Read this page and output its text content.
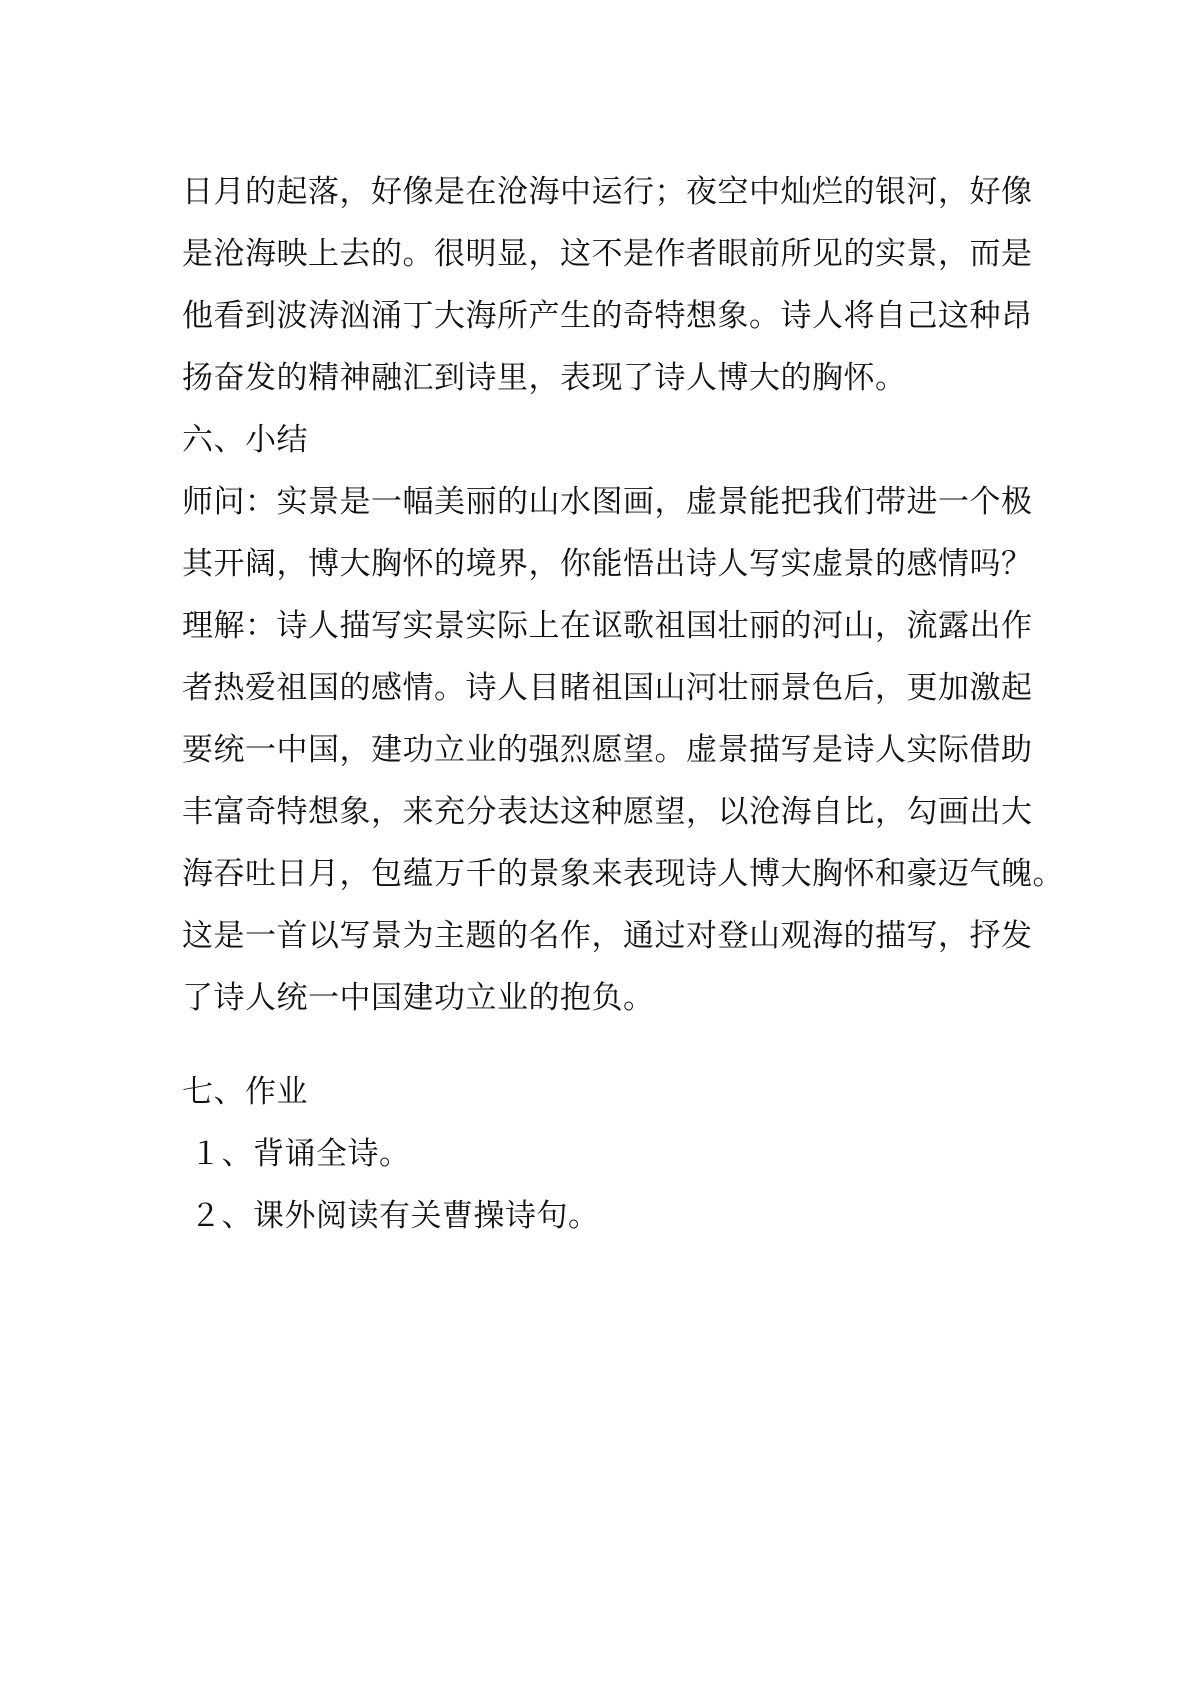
日月的起落，好像是在沧海中运行；夜空中灿烂的银河，好像
是沧海映上去的。很明显，这不是作者眼前所见的实景，而是
他看到波涛汹涌丁大海所产生的奇特想象。诗人将自己这种昂
扬奋发的精神融汇到诗里，表现了诗人博大的胸怀。
六、小结
师问：实景是一幅美丽的山水图画，虚景能把我们带进一个极
其开阔，博大胸怀的境界，你能悟出诗人写实虚景的感情吗？
理解：诗人描写实景实际上在讴歌祖国壮丽的河山，流露出作
者热爱祖国的感情。诗人目睹祖国山河壮丽景色后，更加激起
要统一中国，建功立业的强烈愿望。虚景描写是诗人实际借助
丰富奇特想象，来充分表达这种愿望，以沧海自比，勾画出大
海吞吐日月，包蕴万千的景象来表现诗人博大胸怀和豪迈气魄。
这是一首以写景为主题的名作，通过对登山观海的描写，抒发
了诗人统一中国建功立业的抱负。
七、作业
１、背诵全诗。
２、课外阅读有关曹操诗句。
